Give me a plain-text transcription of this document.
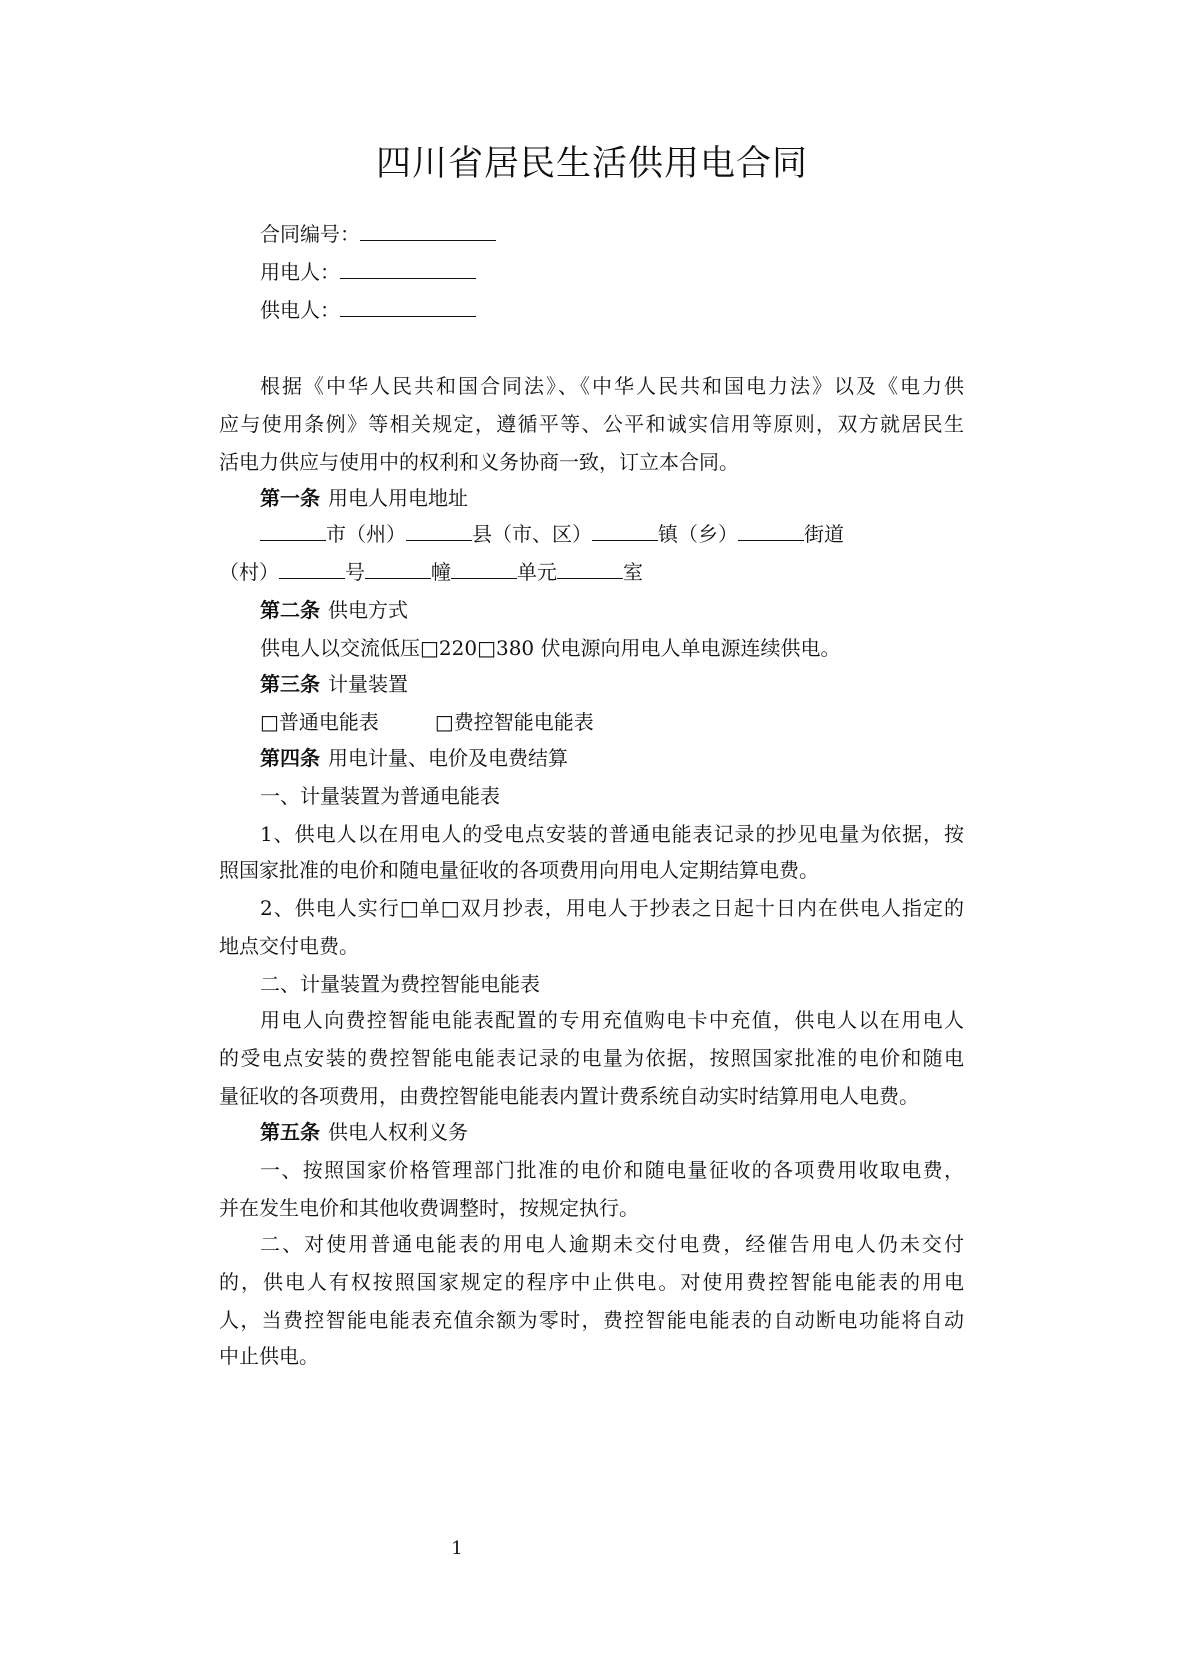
四川省居民生活供用电合同
合同编号：
用电人：
供电人：
根据《中华人民共和国合同法》、《中华人民共和国电力法》以及《电力供
应与使用条例》等相关规定，遵循平等、公平和诚实信用等原则，双方就居民生
活电力供应与使用中的权利和义务协商一致，订立本合同。
第一条 用电人用电地址
市（州）	县（市、区）	镇（乡）	街道
（村）	号	幢	单元	室
第二条 供电方式
供电人以交流低压□220□380 伏电源向用电人单电源连续供电。
第三条 计量装置
□普通电能表	□费控智能电能表
第四条 用电计量、电价及电费结算
一、计量装置为普通电能表
1、供电人以在用电人的受电点安装的普通电能表记录的抄见电量为依据，按
照国家批准的电价和随电量征收的各项费用向用电人定期结算电费。
2、供电人实行□单□双月抄表，用电人于抄表之日起十日内在供电人指定的
地点交付电费。
二、计量装置为费控智能电能表
用电人向费控智能电能表配置的专用充值购电卡中充值，供电人以在用电人
的受电点安装的费控智能电能表记录的电量为依据，按照国家批准的电价和随电
量征收的各项费用，由费控智能电能表内置计费系统自动实时结算用电人电费。
第五条 供电人权利义务
一、按照国家价格管理部门批准的电价和随电量征收的各项费用收取电费，
并在发生电价和其他收费调整时，按规定执行。
二、对使用普通电能表的用电人逾期未交付电费，经催告用电人仍未交付
的，供电人有权按照国家规定的程序中止供电。对使用费控智能电能表的用电
人，当费控智能电能表充值余额为零时，费控智能电能表的自动断电功能将自动
中止供电。
1
